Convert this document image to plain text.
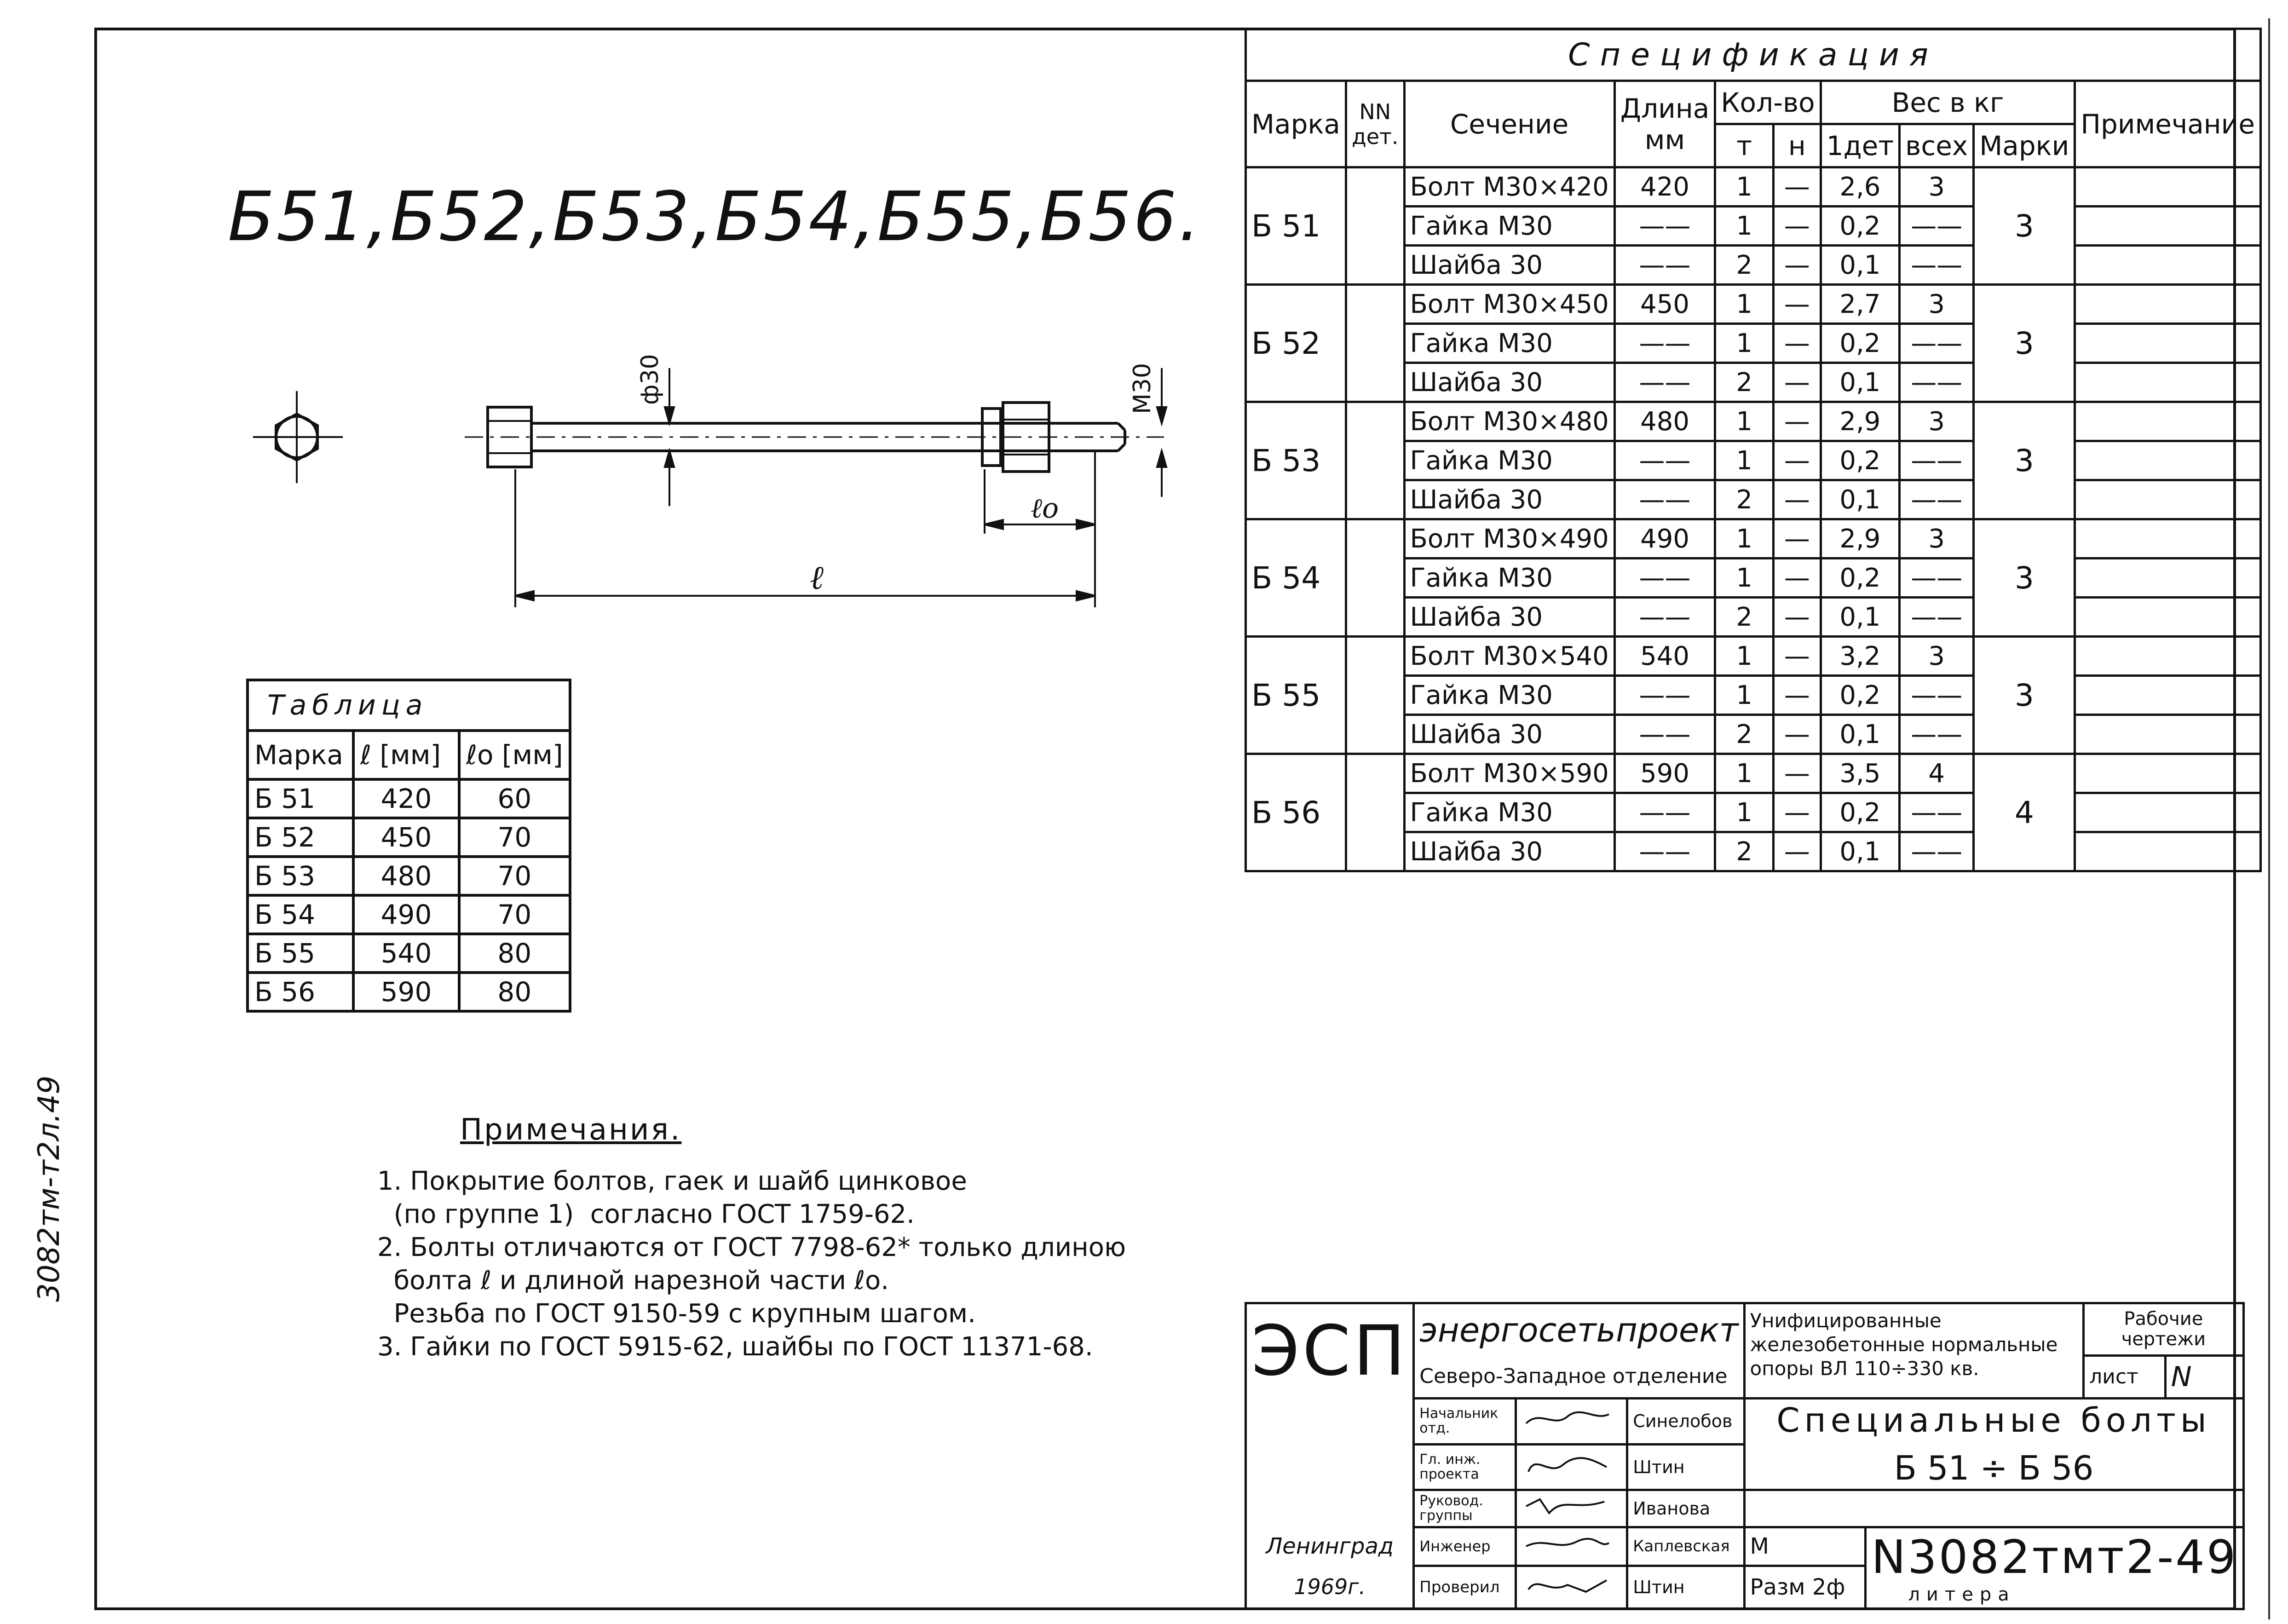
3082тм-т2л.49
Б51,Б52,Б53,Б54,Б55,Б56.
ф30	М30
ℓ
ℓо
Спецификация									
Марка	NN дет.	Сечение	Длина мм	Кол-во		Вес в кг			Примечание
				т	н	1дет	всех	Марки	
Б 51		Болт М30×420	420	1	—	2,6	3	3	
		Гайка М30	——	1	—	0,2	——		
		Шайба 30	——	2	—	0,1	——		
Б 52		Болт М30×450	450	1	—	2,7	3	3	
		Гайка М30	——	1	—	0,2	——		
		Шайба 30	——	2	—	0,1	——		
Б 53		Болт М30×480	480	1	—	2,9	3	3	
		Гайка М30	——	1	—	0,2	——		
		Шайба 30	——	2	—	0,1	——		
Б 54		Болт М30×490	490	1	—	2,9	3	3	
		Гайка М30	——	1	—	0,2	——		
		Шайба 30	——	2	—	0,1	——		
Б 55		Болт М30×540	540	1	—	3,2	3	3	
		Гайка М30	——	1	—	0,2	——		
		Шайба 30	——	2	—	0,1	——		
Б 56		Болт М30×590	590	1	—	3,5	4	4	
		Гайка М30	——	1	—	0,2	——		
		Шайба 30	——	2	—	0,1	——		
Таблица		
Марка	ℓ [мм]	ℓо [мм]
Б 51	420	60
Б 52	450	70
Б 53	480	70
Б 54	490	70
Б 55	540	80
Б 56	590	80
Примечания.
1. Покрытие болтов, гаек и шайб цинковое
(по группе 1)  согласно ГОСТ 1759-62.
2. Болты отличаются от ГОСТ 7798-62* только длиною
болта ℓ и длиной нарезной части ℓо.
Резьба по ГОСТ 9150-59 с крупным шагом.
3. Гайки по ГОСТ 5915-62, шайбы по ГОСТ 11371-68.	ЭСП	энергосетьпроект			Унифицированные железобетонные нормальные опоры ВЛ 110÷330 кв.		Рабочие чертежи	
	Северо-Западное отделение					лист	N
	Начальник отд.		Синелобов	Специальные болты
Б 51 ÷ Б 56			

	Гл. инж. проекта		Штин				
	Руковод. группы		Иванова				
Ленинград	Инженер		Каплевская	М	N3082тмт2-49
литера		

1969г.	Проверил		Штин	Разм 2ф			
